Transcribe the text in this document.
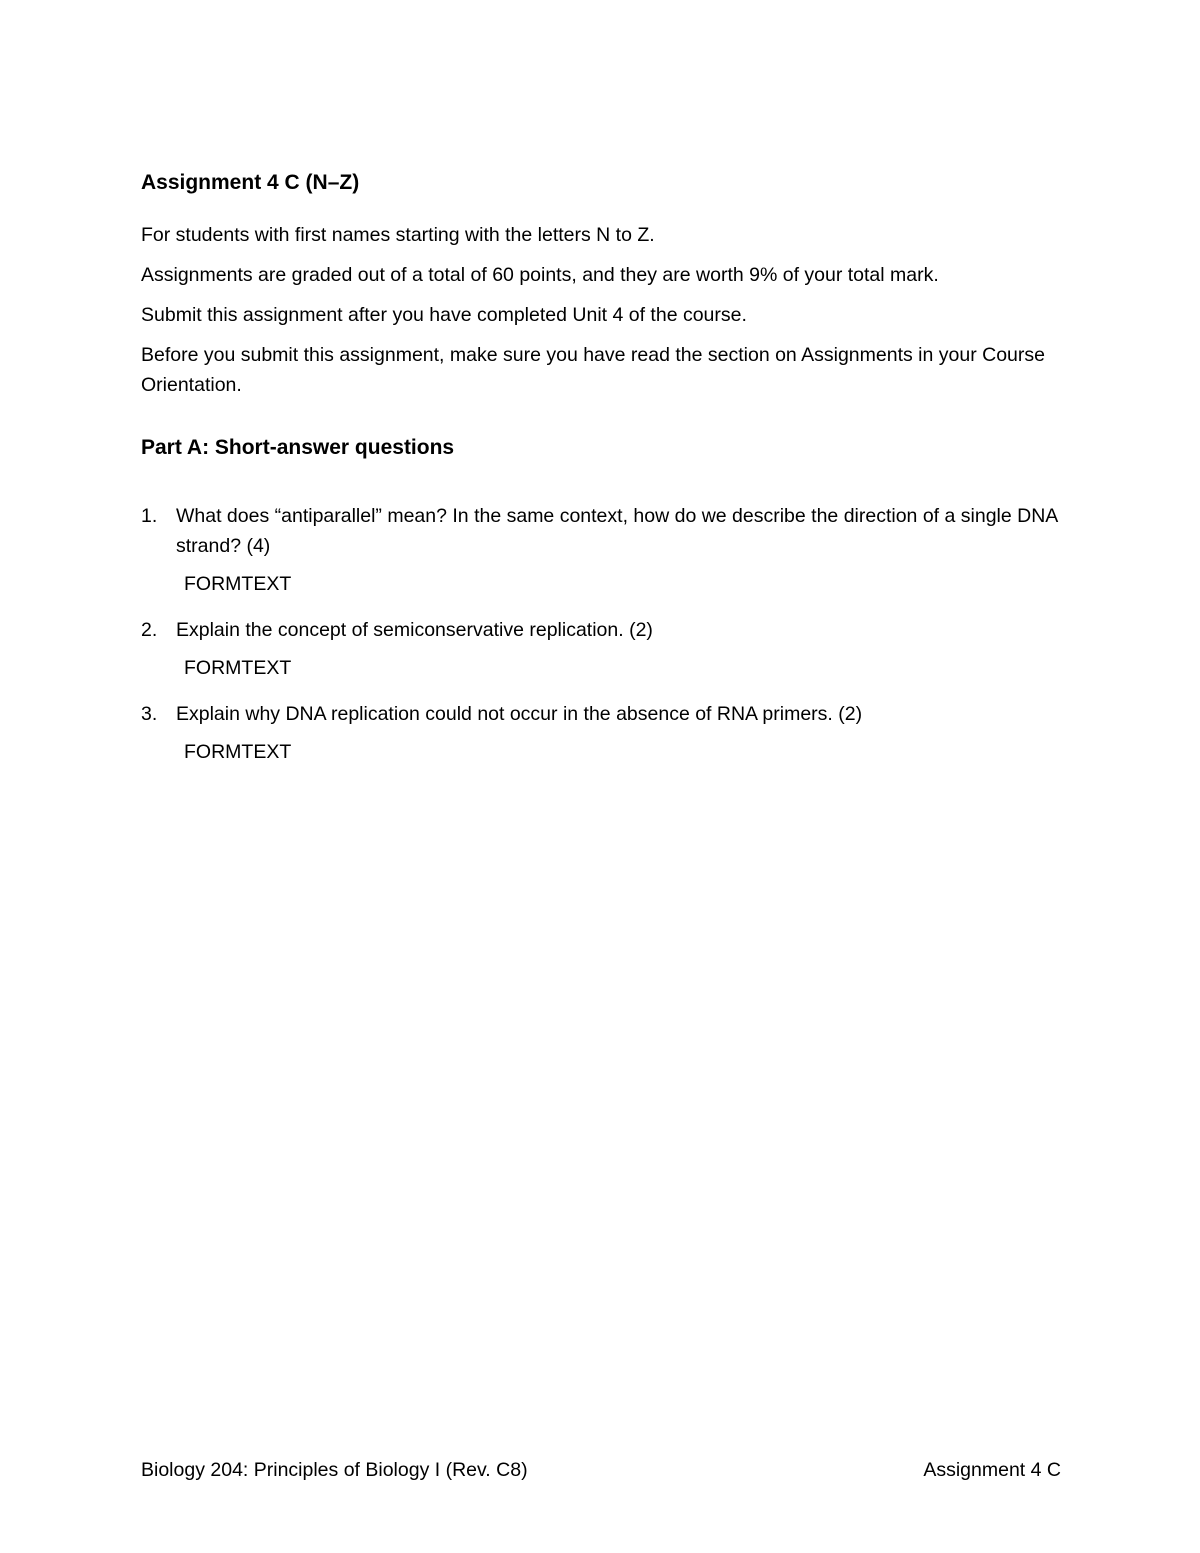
Assignment 4 C (N–Z)

For students with first names starting with the letters N to Z.

Assignments are graded out of a total of 60 points, and they are worth 9% of your total mark.

Submit this assignment after you have completed Unit 4 of the course.

Before you submit this assignment, make sure you have read the section on Assignments in your Course Orientation.

Part A: Short-answer questions
1. What does “antiparallel” mean? In the same context, how do we describe the direction of a single DNA strand? (4)

FORMTEXT
2. Explain the concept of semiconservative replication. (2)

FORMTEXT
3. Explain why DNA replication could not occur in the absence of RNA primers. (2)

FORMTEXT
Biology 204: Principles of Biology I (Rev. C8)	Assignment 4 C
